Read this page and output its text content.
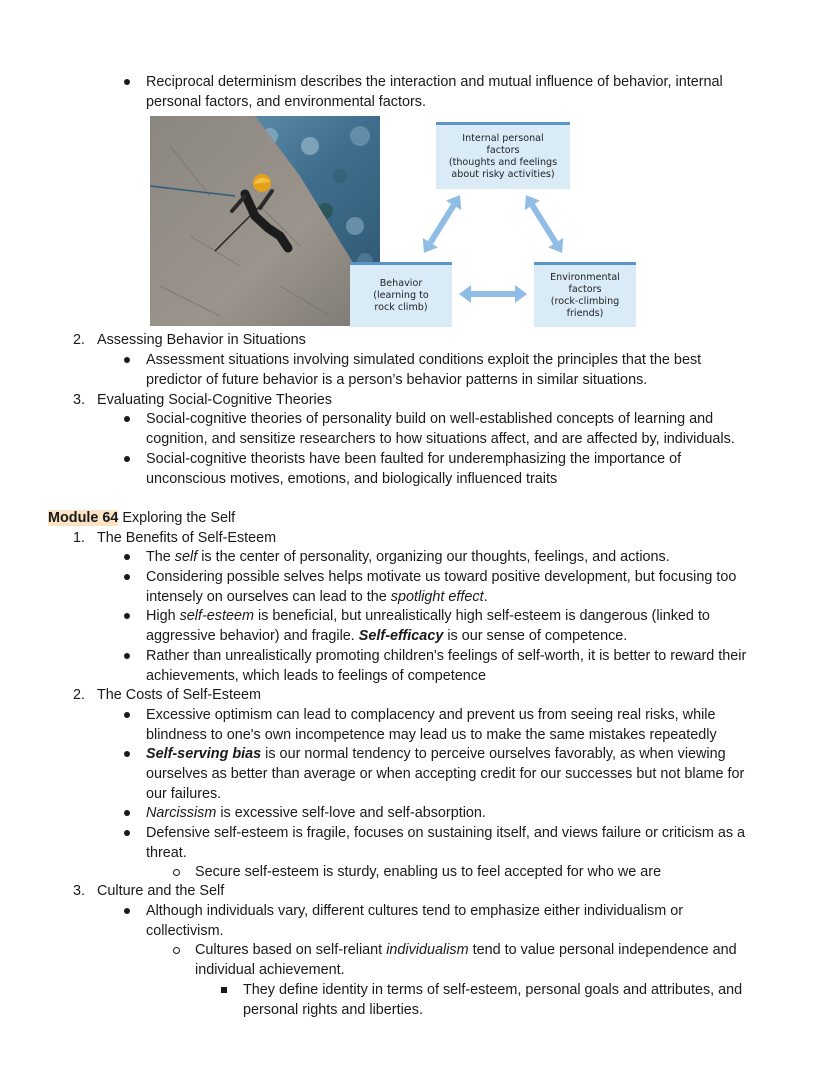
Reciprocal determinism describes the interaction and mutual influence of behavior, internal
personal factors, and environmental factors.
Internal personal
factors
(thoughts and feelings
about risky activities)
Behavior
(learning to
rock climb)
Environmental
factors
(rock-climbing
friends)
2. Assessing Behavior in Situations
Assessment situations involving simulated conditions exploit the principles that the best
predictor of future behavior is a person’s behavior patterns in similar situations.
3. Evaluating Social-Cognitive Theories
Social-cognitive theories of personality build on well-established concepts of learning and
cognition, and sensitize researchers to how situations affect, and are affected by, individuals.
Social-cognitive theorists have been faulted for underemphasizing the importance of
unconscious motives, emotions, and biologically influenced traits
Module 64 Exploring the Self
1. The Benefits of Self-Esteem
The self is the center of personality, organizing our thoughts, feelings, and actions.
Considering possible selves helps motivate us toward positive development, but focusing too
intensely on ourselves can lead to the spotlight effect.
High self-esteem is beneficial, but unrealistically high self-esteem is dangerous (linked to
aggressive behavior) and fragile. Self-efficacy is our sense of competence.
Rather than unrealistically promoting children's feelings of self-worth, it is better to reward their
achievements, which leads to feelings of competence
2. The Costs of Self-Esteem
Excessive optimism can lead to complacency and prevent us from seeing real risks, while
blindness to one's own incompetence may lead us to make the same mistakes repeatedly
Self-serving bias is our normal tendency to perceive ourselves favorably, as when viewing
ourselves as better than average or when accepting credit for our successes but not blame for
our failures.
Narcissism is excessive self-love and self-absorption.
Defensive self-esteem is fragile, focuses on sustaining itself, and views failure or criticism as a
threat.
Secure self-esteem is sturdy, enabling us to feel accepted for who we are
3. Culture and the Self
Although individuals vary, different cultures tend to emphasize either individualism or
collectivism.
Cultures based on self-reliant individualism tend to value personal independence and
individual achievement.
They define identity in terms of self-esteem, personal goals and attributes, and
personal rights and liberties.
